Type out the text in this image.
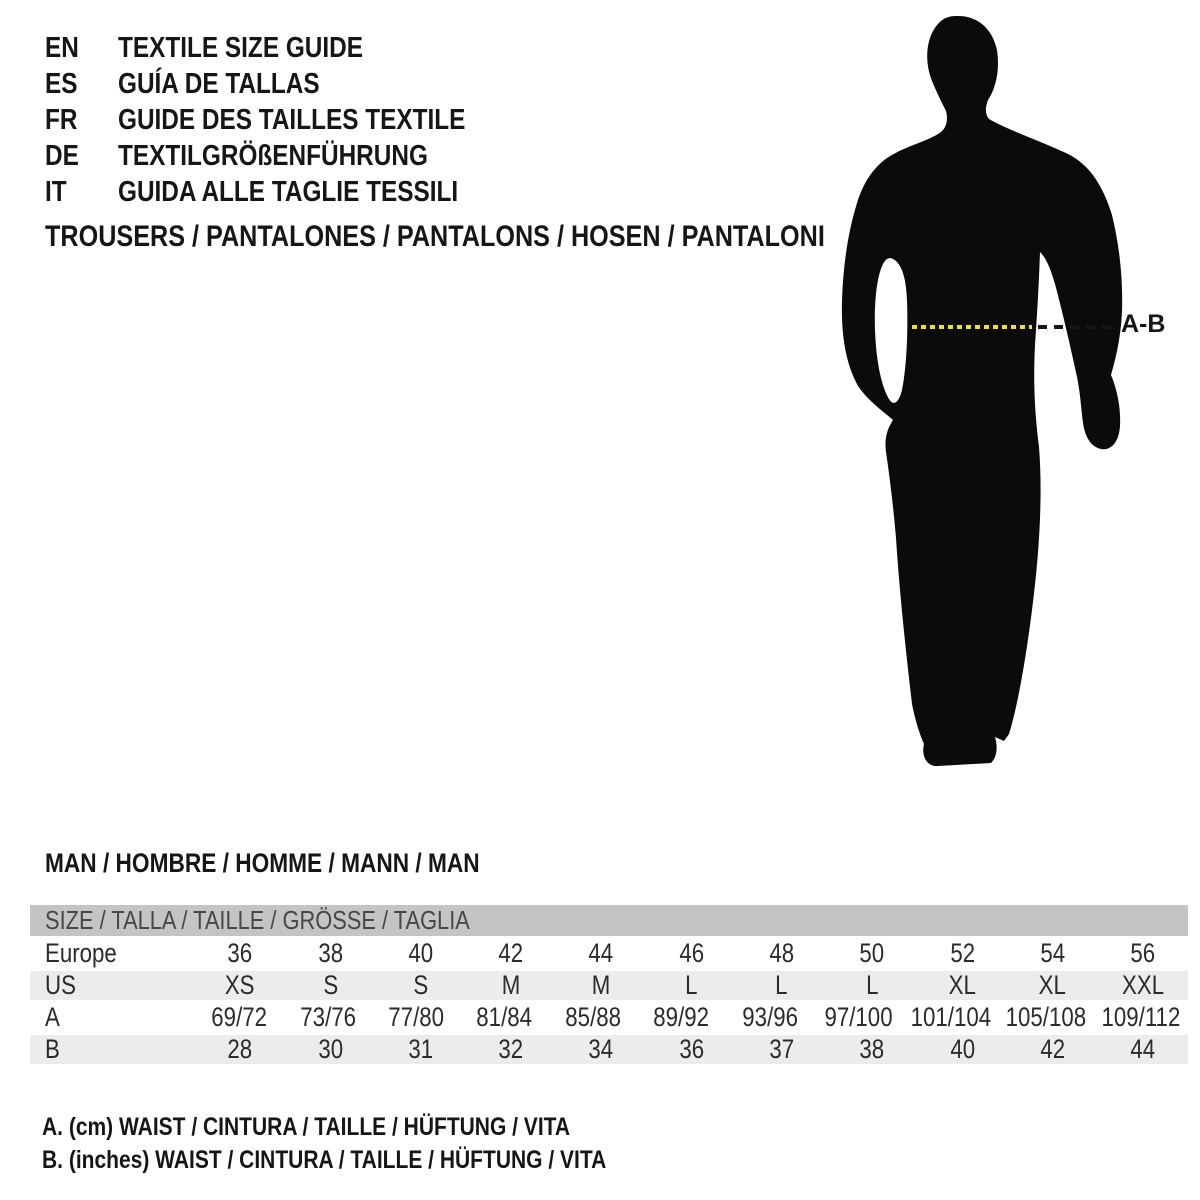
EN	TEXTILE SIZE GUIDE
ES	GUÍA DE TALLAS
FR	GUIDE DES TAILLES TEXTILE
DE	TEXTILGRÖßENFÜHRUNG
IT	GUIDA ALLE TAGLIE TESSILI
TROUSERS / PANTALONES / PANTALONS / HOSEN / PANTALONI
A-B
MAN / HOMBRE / HOMME / MANN / MAN
SIZE / TALLA / TAILLE / GRÖSSE / TAGLIA
Europe	36 38 40 42 44 46 48 50 52 54 56
US	XS	S	S	M	M	L	L	L	XL XL XXL
A	69/72 73/76 77/80 81/84 85/88 89/92 93/96 97/100 101/104 105/108 109/112
B	28 30 31 32 34 36 37 38 40 42 44
A. (cm) WAIST / CINTURA / TAILLE / HÜFTUNG / VITA
B. (inches) WAIST / CINTURA / TAILLE / HÜFTUNG / VITA
